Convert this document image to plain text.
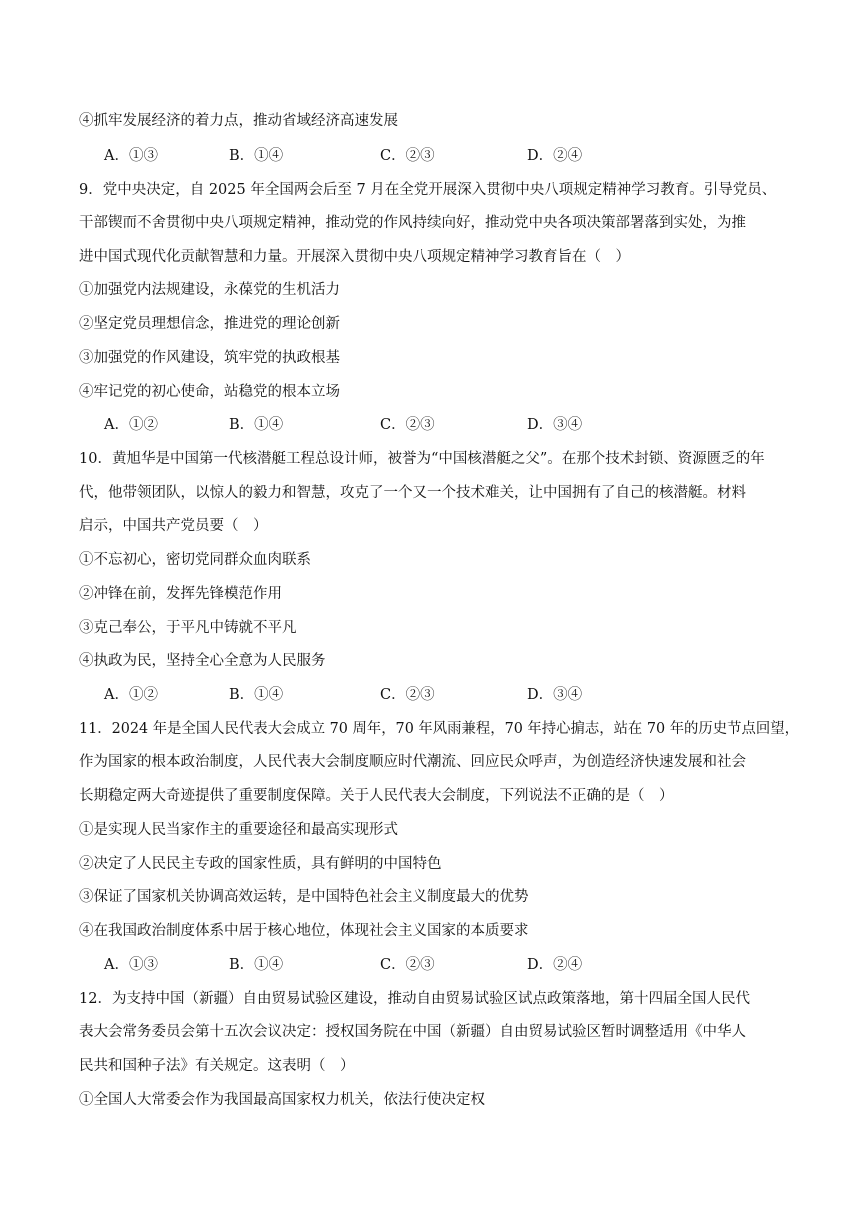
④抓牢发展经济的着力点，推动省域经济高速发展
A．①③	B．①④	C．②③	D．②④
9．党中央决定，自 2025 年全国两会后至 7 月在全党开展深入贯彻中央八项规定精神学习教育。引导党员、
干部锲而不舍贯彻中央八项规定精神，推动党的作风持续向好，推动党中央各项决策部署落到实处，为推
进中国式现代化贡献智慧和力量。开展深入贯彻中央八项规定精神学习教育旨在（　）
①加强党内法规建设，永葆党的生机活力
②坚定党员理想信念，推进党的理论创新
③加强党的作风建设，筑牢党的执政根基
④牢记党的初心使命，站稳党的根本立场
A．①②	B．①④	C．②③	D．③④
10．黄旭华是中国第一代核潜艇工程总设计师，被誉为“中国核潜艇之父”。在那个技术封锁、资源匮乏的年
代，他带领团队，以惊人的毅力和智慧，攻克了一个又一个技术难关，让中国拥有了自己的核潜艇。材料
启示，中国共产党员要（　）
①不忘初心，密切党同群众血肉联系
②冲锋在前，发挥先锋模范作用
③克己奉公，于平凡中铸就不平凡
④执政为民，坚持全心全意为人民服务
A．①②	B．①④	C．②③	D．③④
11．2024 年是全国人民代表大会成立 70 周年，70 年风雨兼程，70 年持心掮志，站在 70 年的历史节点回望，
作为国家的根本政治制度，人民代表大会制度顺应时代潮流、回应民众呼声，为创造经济快速发展和社会
长期稳定两大奇迹提供了重要制度保障。关于人民代表大会制度，下列说法不正确的是（　）
①是实现人民当家作主的重要途径和最高实现形式
②决定了人民民主专政的国家性质，具有鲜明的中国特色
③保证了国家机关协调高效运转，是中国特色社会主义制度最大的优势
④在我国政治制度体系中居于核心地位，体现社会主义国家的本质要求
A．①③	B．①④	C．②③	D．②④
12．为支持中国（新疆）自由贸易试验区建设，推动自由贸易试验区试点政策落地，第十四届全国人民代
表大会常务委员会第十五次会议决定：授权国务院在中国（新疆）自由贸易试验区暂时调整适用《中华人
民共和国种子法》有关规定。这表明（　）
①全国人大常委会作为我国最高国家权力机关，依法行使决定权
